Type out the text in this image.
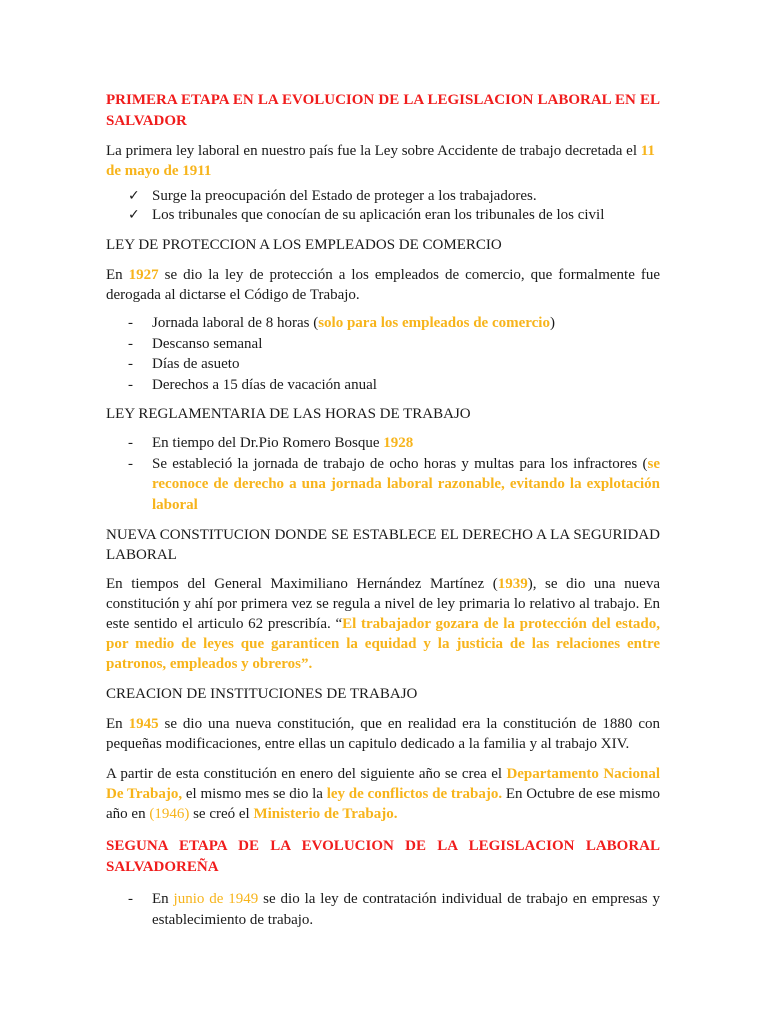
PRIMERA ETAPA EN LA EVOLUCION DE LA LEGISLACION LABORAL EN EL SALVADOR

La primera ley laboral en nuestro país fue la Ley sobre Accidente de trabajo decretada el 11 de mayo de 1911

✓ Surge la preocupación del Estado de proteger a los trabajadores.
✓ Los tribunales que conocían de su aplicación eran los tribunales de los civil

LEY DE PROTECCION A LOS EMPLEADOS DE COMERCIO

En 1927 se dio la ley de protección a los empleados de comercio, que formalmente fue derogada al dictarse el Código de Trabajo.

- Jornada laboral de 8 horas (solo para los empleados de comercio)
- Descanso semanal
- Días de asueto
- Derechos a 15 días de vacación anual

LEY REGLAMENTARIA DE LAS HORAS DE TRABAJO

- En tiempo del Dr.Pio Romero Bosque 1928
- Se estableció la jornada de trabajo de ocho horas y multas para los infractores (se reconoce de derecho a una jornada laboral razonable, evitando la explotación laboral

NUEVA CONSTITUCION DONDE SE ESTABLECE EL DERECHO A LA SEGURIDAD LABORAL

En tiempos del General Maximiliano Hernández Martínez (1939), se dio una nueva constitución y ahí por primera vez se regula a nivel de ley primaria lo relativo al trabajo. En este sentido el articulo 62 prescribía. “El trabajador gozara de la protección del estado, por medio de leyes que garanticen la equidad y la justicia de las relaciones entre patronos, empleados y obreros”.

CREACION DE INSTITUCIONES DE TRABAJO

En 1945 se dio una nueva constitución, que en realidad era la constitución de 1880 con pequeñas modificaciones, entre ellas un capitulo dedicado a la familia y al trabajo XIV.

A partir de esta constitución en enero del siguiente año se crea el Departamento Nacional De Trabajo, el mismo mes se dio la ley de conflictos de trabajo. En Octubre de ese mismo año en (1946) se creó el Ministerio de Trabajo.

SEGUNA ETAPA DE LA EVOLUCION DE LA LEGISLACION LABORAL SALVADOREÑA

- En junio de 1949 se dio la ley de contratación individual de trabajo en empresas y establecimiento de trabajo.
